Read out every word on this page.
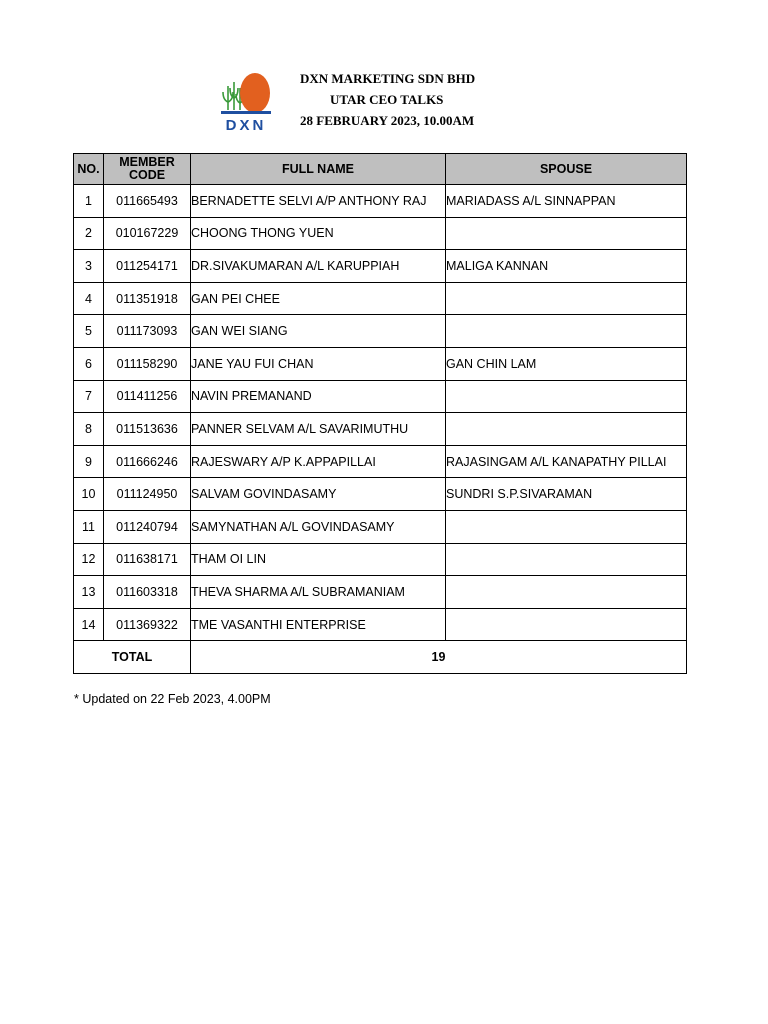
DXN
DXN MARKETING SDN BHD
UTAR CEO TALKS
28 FEBRUARY 2023, 10.00AM
NO.	MEMBER CODE	FULL NAME	SPOUSE
1	011665493	BERNADETTE SELVI A/P ANTHONY RAJ	MARIADASS A/L SINNAPPAN
2	010167229	CHOONG THONG YUEN	
3	011254171	DR.SIVAKUMARAN A/L KARUPPIAH	MALIGA KANNAN
4	011351918	GAN PEI CHEE	
5	011173093	GAN WEI SIANG	
6	011158290	JANE YAU FUI CHAN	GAN CHIN LAM
7	011411256	NAVIN PREMANAND	
8	011513636	PANNER SELVAM A/L SAVARIMUTHU	
9	011666246	RAJESWARY A/P K.APPAPILLAI	RAJASINGAM A/L KANAPATHY PILLAI
10	011124950	SALVAM GOVINDASAMY	SUNDRI S.P.SIVARAMAN
11	011240794	SAMYNATHAN A/L GOVINDASAMY	
12	011638171	THAM OI LIN	
13	011603318	THEVA SHARMA A/L SUBRAMANIAM	
14	011369322	TME VASANTHI ENTERPRISE	
TOTAL		19	
* Updated on 22 Feb 2023, 4.00PM
